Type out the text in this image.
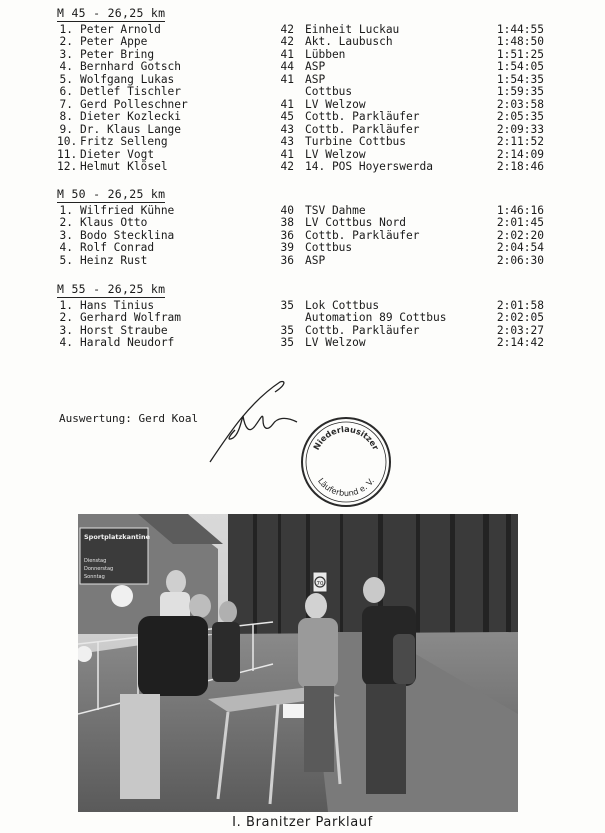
M 45 - 26,25 km
1. Peter Arnold	42 Einheit Luckau	1:44:55
2. Peter Appe	42 Akt. Laubusch	1:48:50
3. Peter Bring	41 Lübben	1:51:25
4. Bernhard Gotsch	44 ASP	1:54:05
5. Wolfgang Lukas	41 ASP	1:54:35
6. Detlef Tischler	Cottbus	1:59:35
7. Gerd Polleschner	41 LV Welzow	2:03:58
8. Dieter Kozlecki	45 Cottb. Parkläufer	2:05:35
9. Dr. Klaus Lange	43 Cottb. Parkläufer	2:09:33
10. Fritz Selleng	43 Turbine Cottbus	2:11:52
11. Dieter Vogt	41 LV Welzow	2:14:09
12. Helmut Klösel	42 14. POS Hoyerswerda	2:18:46
M 50 - 26,25 km
1. Wilfried Kühne	40 TSV Dahme	1:46:16
2. Klaus Otto	38 LV Cottbus Nord	2:01:45
3. Bodo Stecklina	36 Cottb. Parkläufer	2:02:20
4. Rolf Conrad	39 Cottbus	2:04:54
5. Heinz Rust	36 ASP	2:06:30
M 55 - 26,25 km
1. Hans Tinius	35 Lok Cottbus	2:01:58
2. Gerhard Wolfram	Automation 89 Cottbus	2:02:05
3. Horst Straube	35 Cottb. Parkläufer	2:03:27
4. Harald Neudorf	35 LV Welzow	2:14:42
Auswertung: Gerd Koal
Niederlausitzer
Läuferbund e. V.
Sportplatzkantine
Dienstag
Donnerstag
Sonntag
70
I. Branitzer Parklauf
